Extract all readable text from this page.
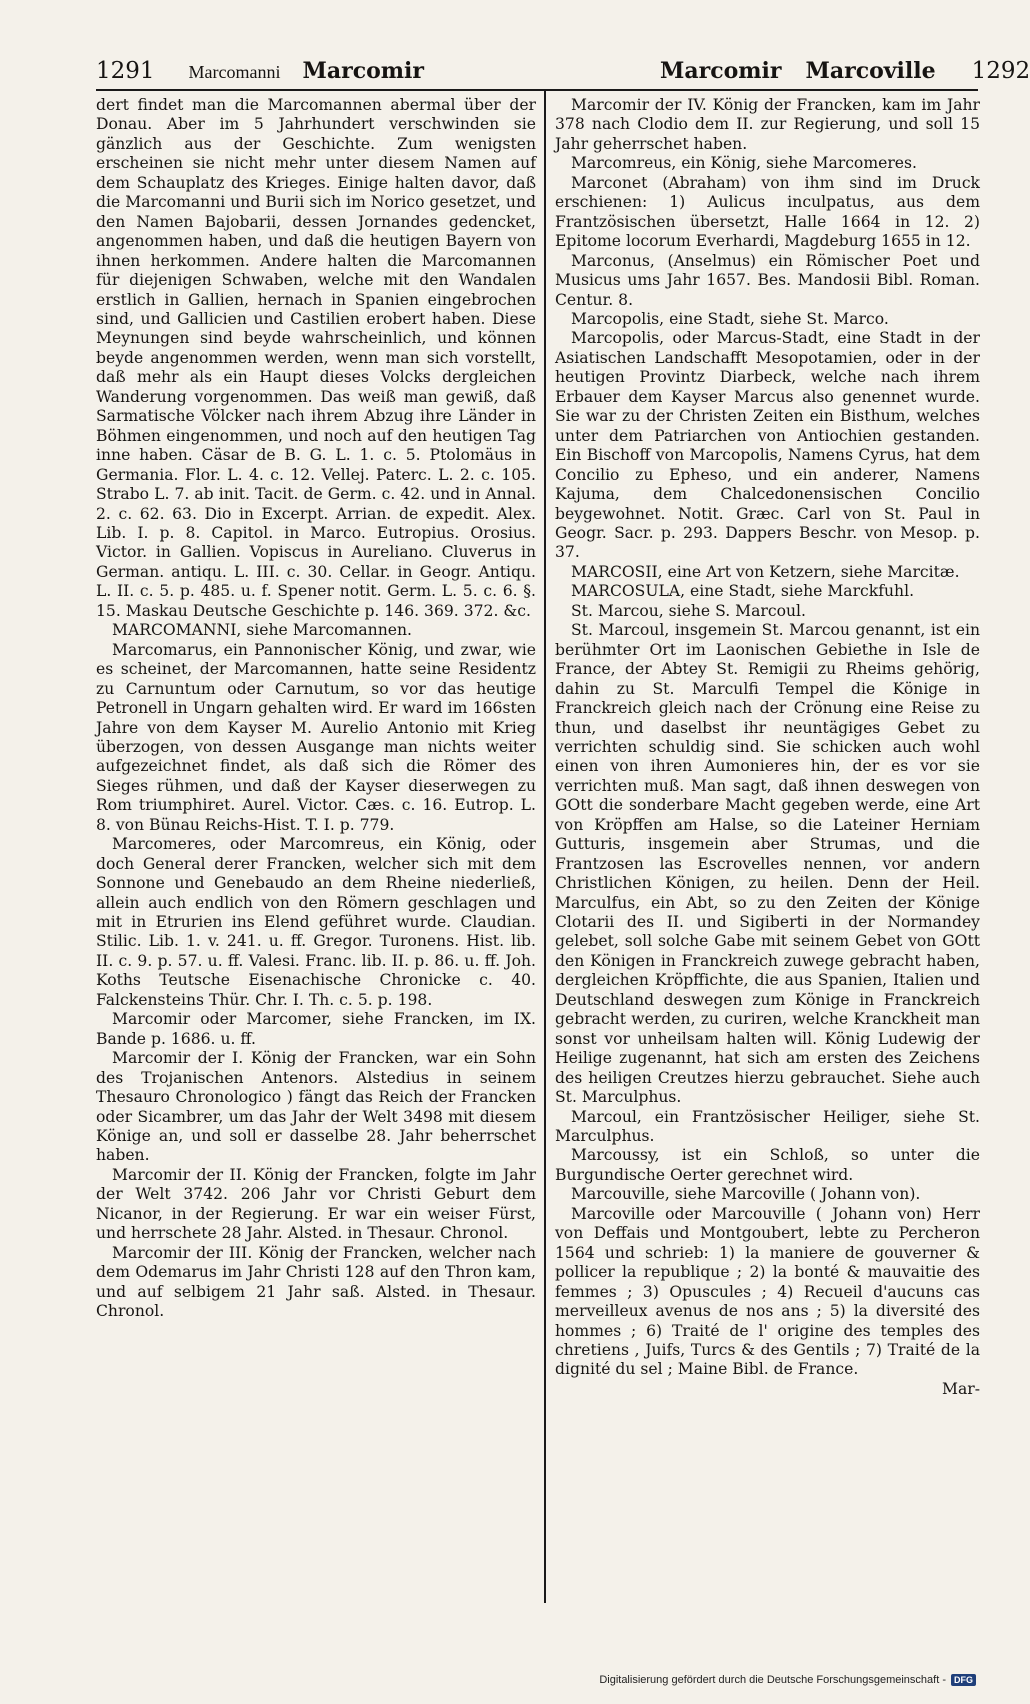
1291 Marcomanni Marcomir	Marcomir Marcoville 1292

dert findet man die Marcomannen abermal über der Donau. Aber im 5 Jahrhundert verschwinden sie gänzlich aus der Geschichte. Zum wenigsten erscheinen sie nicht mehr unter diesem Namen auf dem Schauplatz des Krieges. Einige halten davor, daß die Marcomanni und Burii sich im Norico gesetzet, und den Namen Bajobarii, dessen Jornandes gedencket, angenommen haben, und daß die heutigen Bayern von ihnen herkommen. Andere halten die Marcomannen für diejenigen Schwaben, welche mit den Wandalen erstlich in Gallien, hernach in Spanien eingebrochen sind, und Gallicien und Castilien erobert haben. Diese Meynungen sind beyde wahrscheinlich, und können beyde angenommen werden, wenn man sich vorstellt, daß mehr als ein Haupt dieses Volcks dergleichen Wanderung vorgenommen. Das weiß man gewiß, daß Sarmatische Völcker nach ihrem Abzug ihre Länder in Böhmen eingenommen, und noch auf den heutigen Tag inne haben. Cäsar de B. G. L. 1. c. 5. Ptolomäus in Germania. Flor. L. 4. c. 12. Vellej. Paterc. L. 2. c. 105. Strabo L. 7. ab init. Tacit. de Germ. c. 42. und in Annal. 2. c. 62. 63. Dio in Excerpt. Arrian. de expedit. Alex. Lib. I. p. 8. Capitol. in Marco. Eutropius. Orosius. Victor. in Gallien. Vopiscus in Aureliano. Cluverus in German. antiqu. L. III. c. 30. Cellar. in Geogr. Antiqu. L. II. c. 5. p. 485. u. f. Spener notit. Germ. L. 5. c. 6. §. 15. Maskau Deutsche Geschichte p. 146. 369. 372. &c.

MARCOMANNI, siehe Marcomannen.

Marcomarus, ein Pannonischer König, und zwar, wie es scheinet, der Marcomannen, hatte seine Residentz zu Carnuntum oder Carnutum, so vor das heutige Petronell in Ungarn gehalten wird. Er ward im 166sten Jahre von dem Kayser M. Aurelio Antonio mit Krieg überzogen, von dessen Ausgange man nichts weiter aufgezeichnet findet, als daß sich die Römer des Sieges rühmen, und daß der Kayser dieserwegen zu Rom triumphiret. Aurel. Victor. Cæs. c. 16. Eutrop. L. 8. von Bünau Reichs-Hist. T. I. p. 779.

Marcomeres, oder Marcomreus, ein König, oder doch General derer Francken, welcher sich mit dem Sonnone und Genebaudo an dem Rheine niederließ, allein auch endlich von den Römern geschlagen und mit in Etrurien ins Elend geführet wurde. Claudian. Stilic. Lib. 1. v. 241. u. ff. Gregor. Turonens. Hist. lib. II. c. 9. p. 57. u. ff. Valesi. Franc. lib. II. p. 86. u. ff. Joh. Koths Teutsche Eisenachische Chronicke c. 40. Falckensteins Thür. Chr. I. Th. c. 5. p. 198.

Marcomir oder Marcomer, siehe Francken, im IX. Bande p. 1686. u. ff.

Marcomir der I. König der Francken, war ein Sohn des Trojanischen Antenors. Alstedius in seinem Thesauro Chronologico ) fängt das Reich der Francken oder Sicambrer, um das Jahr der Welt 3498 mit diesem Könige an, und soll er dasselbe 28. Jahr beherrschet haben.

Marcomir der II. König der Francken, folgte im Jahr der Welt 3742. 206 Jahr vor Christi Geburt dem Nicanor, in der Regierung. Er war ein weiser Fürst, und herrschete 28 Jahr. Alsted. in Thesaur. Chronol.

Marcomir der III. König der Francken, welcher nach dem Odemarus im Jahr Christi 128 auf den Thron kam, und auf selbigem 21 Jahr saß. Alsted. in Thesaur. Chronol.

Marcomir der IV. König der Francken, kam im Jahr 378 nach Clodio dem II. zur Regierung, und soll 15 Jahr geherrschet haben.

Marcomreus, ein König, siehe Marcomeres.

Marconet (Abraham) von ihm sind im Druck erschienen: 1) Aulicus inculpatus, aus dem Frantzösischen übersetzt, Halle 1664 in 12. 2) Epitome locorum Everhardi, Magdeburg 1655 in 12.

Marconus, (Anselmus) ein Römischer Poet und Musicus ums Jahr 1657. Bes. Mandosii Bibl. Roman. Centur. 8.

Marcopolis, eine Stadt, siehe St. Marco.

Marcopolis, oder Marcus-Stadt, eine Stadt in der Asiatischen Landschafft Mesopotamien, oder in der heutigen Provintz Diarbeck, welche nach ihrem Erbauer dem Kayser Marcus also genennet wurde. Sie war zu der Christen Zeiten ein Bisthum, welches unter dem Patriarchen von Antiochien gestanden. Ein Bischoff von Marcopolis, Namens Cyrus, hat dem Concilio zu Epheso, und ein anderer, Namens Kajuma, dem Chalcedonensischen Concilio beygewohnet. Notit. Græc. Carl von St. Paul in Geogr. Sacr. p. 293. Dappers Beschr. von Mesop. p. 37.

MARCOSII, eine Art von Ketzern, siehe Marcitæ.

MARCOSULA, eine Stadt, siehe Marckfuhl.

St. Marcou, siehe S. Marcoul.

St. Marcoul, insgemein St. Marcou genannt, ist ein berühmter Ort im Laonischen Gebiethe in Isle de France, der Abtey St. Remigii zu Rheims gehörig, dahin zu St. Marculfi Tempel die Könige in Franckreich gleich nach der Crönung eine Reise zu thun, und daselbst ihr neuntägiges Gebet zu verrichten schuldig sind. Sie schicken auch wohl einen von ihren Aumonieres hin, der es vor sie verrichten muß. Man sagt, daß ihnen deswegen von GOtt die sonderbare Macht gegeben werde, eine Art von Kröpffen am Halse, so die Lateiner Herniam Gutturis, insgemein aber Strumas, und die Frantzosen las Escrovelles nennen, vor andern Christlichen Königen, zu heilen. Denn der Heil. Marculfus, ein Abt, so zu den Zeiten der Könige Clotarii des II. und Sigiberti in der Normandey gelebet, soll solche Gabe mit seinem Gebet von GOtt den Königen in Franckreich zuwege gebracht haben, dergleichen Kröpffichte, die aus Spanien, Italien und Deutschland deswegen zum Könige in Franckreich gebracht werden, zu curiren, welche Kranckheit man sonst vor unheilsam halten will. König Ludewig der Heilige zugenannt, hat sich am ersten des Zeichens des heiligen Creutzes hierzu gebrauchet. Siehe auch St. Marculphus.

Marcoul, ein Frantzösischer Heiliger, siehe St. Marculphus.

Marcoussy, ist ein Schloß, so unter die Burgundische Oerter gerechnet wird.

Marcouville, siehe Marcoville ( Johann von).

Marcoville oder Marcouville ( Johann von) Herr von Deffais und Montgoubert, lebte zu Percheron 1564 und schrieb: 1) la maniere de gouverner & pollicer la republique ; 2) la bonté & mauvaitie des femmes ; 3) Opuscules ; 4) Recueil d'aucuns cas merveilleux avenus de nos ans ; 5) la diversité des hommes ; 6) Traité de l' origine des temples des chretiens , Juifs, Turcs & des Gentils ; 7) Traité de la dignité du sel ; Maine Bibl. de France.

Mar-

Digitalisierung gefördert durch die Deutsche Forschungsgemeinschaft - DFG
